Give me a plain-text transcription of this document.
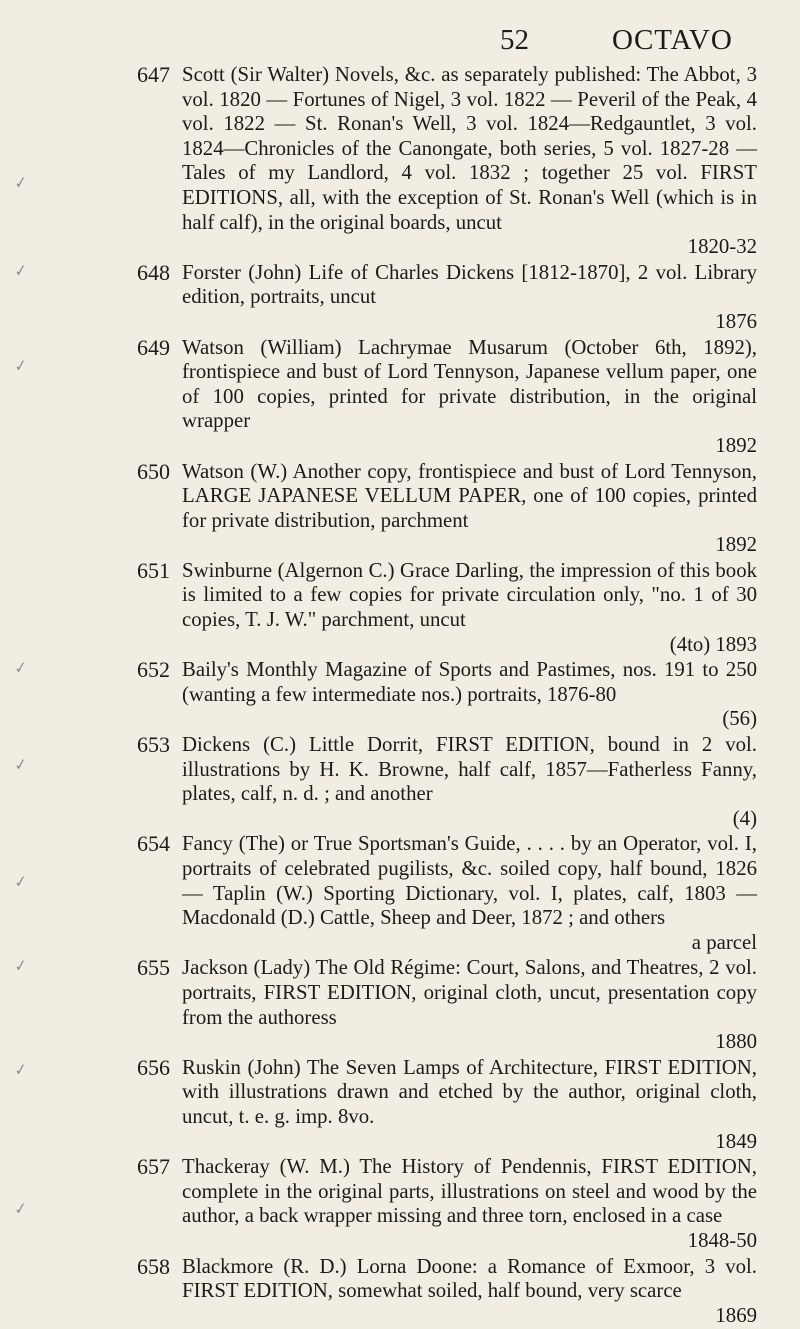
52	OCTAVO
✓
647 Scott (Sir Walter) Novels, &c. as separately published: The Abbot, 3 vol. 1820 — Fortunes of Nigel, 3 vol. 1822 — Peveril of the Peak, 4 vol. 1822 — St. Ronan's Well, 3 vol. 1824—Redgauntlet, 3 vol. 1824—Chronicles of the Canongate, both series, 5 vol. 1827-28 —Tales of my Landlord, 4 vol. 1832 ; together 25 vol. FIRST EDITIONS, all, with the exception of St. Ronan's Well (which is in half calf), in the original boards, uncut
1820-32
✓	648 Forster (John) Life of Charles Dickens [1812-1870], 2 vol. Library edition, portraits, uncut
1876
✓
649 Watson (William) Lachrymae Musarum (October 6th, 1892), frontispiece and bust of Lord Tennyson, Japanese vellum paper, one of 100 copies, printed for private distribution, in the original wrapper
1892
650 Watson (W.) Another copy, frontispiece and bust of Lord Tennyson, LARGE JAPANESE VELLUM PAPER, one of 100 copies, printed for private distribution, parchment
1892
651 Swinburne (Algernon C.) Grace Darling, the impression of this book is limited to a few copies for private circulation only, "no. 1 of 30 copies, T. J. W." parchment, uncut
(4to) 1893
✓	652 Baily's Monthly Magazine of Sports and Pastimes, nos. 191 to 250 (wanting a few intermediate nos.) portraits, 1876-80
(56)
✓
653 Dickens (C.) Little Dorrit, FIRST EDITION, bound in 2 vol. illustrations by H. K. Browne, half calf, 1857—Fatherless Fanny, plates, calf, n. d. ; and another
(4)
✓
654 Fancy (The) or True Sportsman's Guide, . . . . by an Operator, vol. I, portraits of celebrated pugilists, &c. soiled copy, half bound, 1826 — Taplin (W.) Sporting Dictionary, vol. I, plates, calf, 1803 — Macdonald (D.) Cattle, Sheep and Deer, 1872 ; and others
a parcel
✓	655 Jackson (Lady) The Old Régime: Court, Salons, and Theatres, 2 vol. portraits, FIRST EDITION, original cloth, uncut, presentation copy from the authoress
1880
✓	656 Ruskin (John) The Seven Lamps of Architecture, FIRST EDITION, with illustrations drawn and etched by the author, original cloth, uncut, t. e. g. imp. 8vo.
1849
✓
657 Thackeray (W. M.) The History of Pendennis, FIRST EDITION, complete in the original parts, illustrations on steel and wood by the author, a back wrapper missing and three torn, enclosed in a case
1848-50
658 Blackmore (R. D.) Lorna Doone: a Romance of Exmoor, 3 vol. FIRST EDITION, somewhat soiled, half bound, very scarce
1869
